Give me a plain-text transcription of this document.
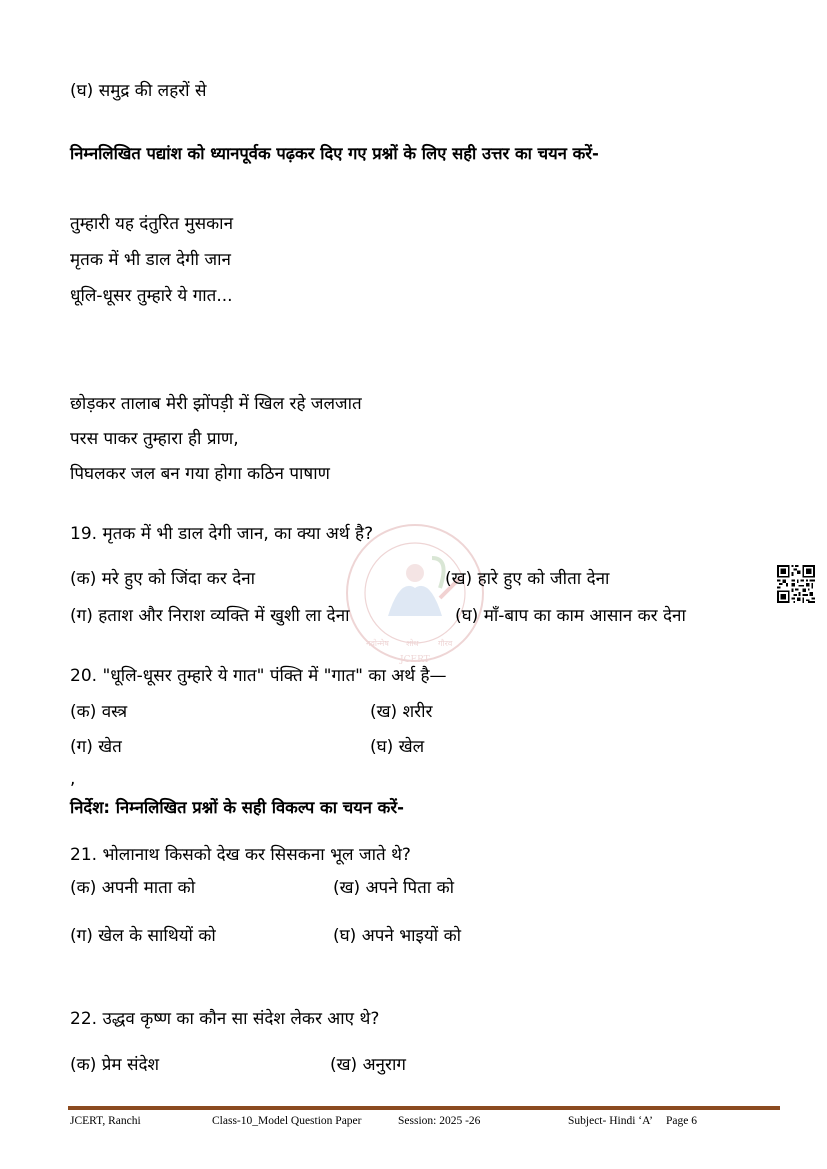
(घ) समुद्र की लहरों से
निम्नलिखित पद्यांश को ध्यानपूर्वक पढ़कर दिए गए प्रश्नों के लिए सही उत्तर का चयन करें-
तुम्हारी यह दंतुरित मुसकान
मृतक में भी डाल देगी जान
धूलि-धूसर तुम्हारे ये गात...
छोड़कर तालाब मेरी झोंपड़ी में खिल रहे जलजात
परस पाकर तुम्हारा ही प्राण,
पिघलकर जल बन गया होगा कठिन पाषाण
नवोन्मेष शोध गौरव
JCERT
19. मृतक में भी डाल देगी जान, का क्या अर्थ है?
(क) मरे हुए को जिंदा कर देना	(ख) हारे हुए को जीता देना
(ग) हताश और निराश व्यक्ति में खुशी ला देना	(घ) माँ-बाप का काम आसान कर देना
20. "धूलि-धूसर तुम्हारे ये गात" पंक्ति में "गात" का अर्थ है—
(क) वस्त्र	(ख) शरीर
(ग) खेत	(घ) खेल
,
निर्देश: निम्नलिखित प्रश्नों के सही विकल्प का चयन करें-
21. भोलानाथ किसको देख कर सिसकना भूल जाते थे?
(क) अपनी माता को	(ख) अपने पिता को
(ग) खेल के साथियों को	(घ) अपने भाइयों को
22. उद्धव कृष्ण का कौन सा संदेश लेकर आए थे?
(क) प्रेम संदेश	(ख) अनुराग
JCERT, Ranchi	Class-10_Model Question Paper	Session: 2025 -26	Subject- Hindi ‘A’ Page 6
